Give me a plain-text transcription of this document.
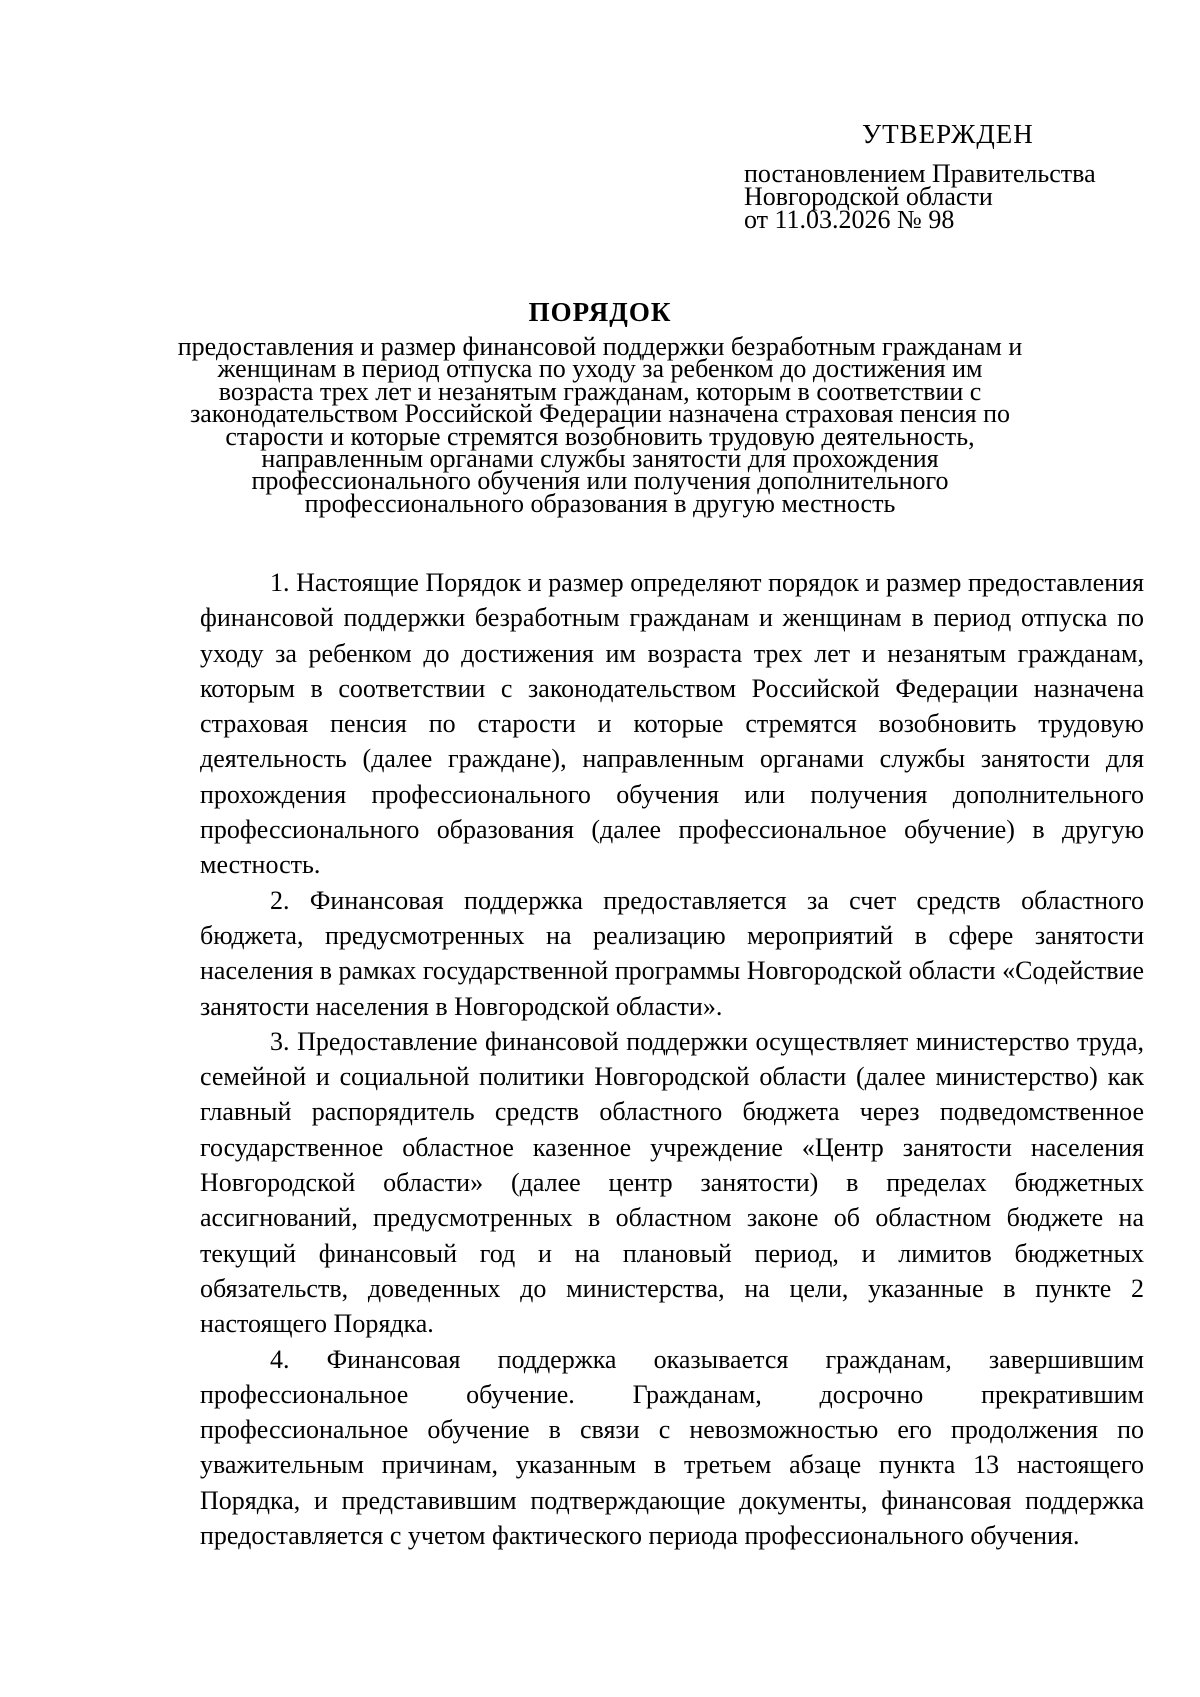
УТВЕРЖДЕН
постановлением Правительства
Новгородской области
от 11.03.2026 № 98
ПОРЯДОК
предоставления и размер финансовой поддержки безработным гражданам и
женщинам в период отпуска по уходу за ребенком до достижения им
возраста трех лет и незанятым гражданам, которым в соответствии с
законодательством Российской Федерации назначена страховая пенсия по
старости и которые стремятся возобновить трудовую деятельность,
направленным органами службы занятости для прохождения
профессионального обучения или получения дополнительного
профессионального образования в другую местность

1. Настоящие Порядок и размер определяют порядок и размер предоставления финансовой поддержки безработным гражданам и женщинам в период отпуска по уходу за ребенком до достижения им возраста трех лет и незанятым гражданам, которым в соответствии с законодательством Российской Федерации назначена страховая пенсия по старости и которые стремятся возобновить трудовую деятельность (далее граждане), направленным органами службы занятости для прохождения профессионального обучения или получения дополнительного профессионального образования (далее профессиональное обучение) в другую местность.

2. Финансовая поддержка предоставляется за счет средств областного бюджета, предусмотренных на реализацию мероприятий в сфере занятости населения в рамках государственной программы Новгородской области «Содействие занятости населения в Новгородской области».

3. Предоставление финансовой поддержки осуществляет министерство труда, семейной и социальной политики Новгородской области (далее министерство) как главный распорядитель средств областного бюджета через подведомственное государственное областное казенное учреждение «Центр занятости населения Новгородской области» (далее центр занятости) в пределах бюджетных ассигнований, предусмотренных в областном законе об областном бюджете на текущий финансовый год и на плановый период, и лимитов бюджетных обязательств, доведенных до министерства, на цели, указанные в пункте 2 настоящего Порядка.

4. Финансовая поддержка оказывается гражданам, завершившим профессиональное обучение. Гражданам, досрочно прекратившим профессиональное обучение в связи с невозможностью его продолжения по уважительным причинам, указанным в третьем абзаце пункта 13 настоящего Порядка, и представившим подтверждающие документы, финансовая поддержка предоставляется с учетом фактического периода профессионального обучения.
